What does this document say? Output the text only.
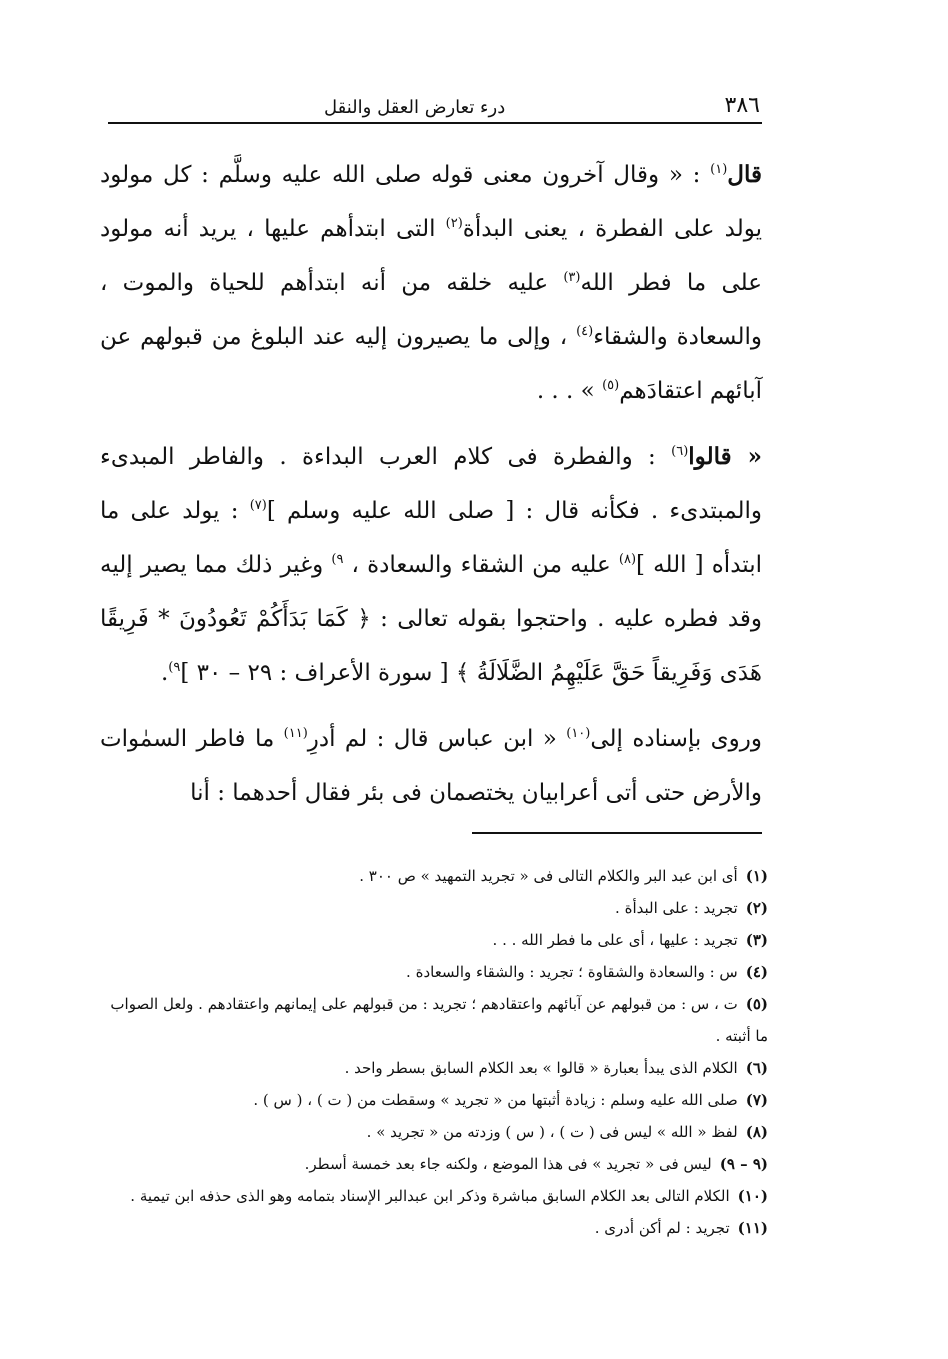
٣٨٦
درء تعارض العقل والنقل

قال$^{(١)}$ : « وقال آخرون معنى قوله صلى الله عليه وسلَّم : كل مولود يولد على الفطرة ، يعنى البدأة$^{(٢)}$ التى ابتدأهم عليها ، يريد أنه مولود على ما فطر الله$^{(٣)}$ عليه خلقه من أنه ابتدأهم للحياة والموت ، والسعادة والشقاء$^{(٤)}$ ، وإلى ما يصيرون إليه عند البلوغ من قبولهم عن آبائهم اعتقادَهم$^{(٥)}$ » . . .

« قالوا$^{(٦)}$ : والفطرة فى كلام العرب البداءة . والفاطر المبدىء والمبتدىء . فكأنه قال : [ صلى الله عليه وسلم ]$^{(٧)}$ : يولد على ما ابتدأه [ الله ]$^{(٨)}$ عليه من الشقاء والسعادة ، $^{٩)}$ وغير ذلك مما يصير إليه وقد فطره عليه . واحتجوا بقوله تعالى : ﴿ كَمَا بَدَأَكُمْ تَعُودُونَ * فَرِيقًا هَدَى وَفَرِيقاً حَقَّ عَلَيْهِمُ الضَّلَالَةُ ﴾ [ سورة الأعراف : ٢٩ – ٣٠ ]$^{٩)}$.

وروى بإسناده إلى$^{(١٠)}$ « ابن عباس قال : لم أدرِ$^{(١١)}$ ما فاطر السمٰوات والأرض حتى أتى أعرابيان يختصمان فى بئر فقال أحدهما : أنا

(١)أى ابن عبد البر والكلام التالى فى « تجريد التمهيد » ص ٣٠٠ .

(٢)تجريد : على البدأة .

(٣)تجريد : عليها ، أى على ما فطر الله . . .

(٤)س : والسعادة والشقاوة ؛ تجريد : والشقاء والسعادة .

(٥)ت ، س : من قبولهم عن آبائهم واعتقادهم ؛ تجريد : من قبولهم على إيمانهم واعتقادهم . ولعل الصواب ما أثبته .

(٦)الكلام الذى يبدأ بعبارة « قالوا » بعد الكلام السابق بسطر واحد .

(٧)صلى الله عليه وسلم : زيادة أثبتها من « تجريد » وسقطت من ( ت ) ، ( س ) .

(٨)لفظ « الله » ليس فى ( ت ) ، ( س ) وزدته من « تجريد » .

(٩ – ٩)ليس فى « تجريد » فى هذا الموضع ، ولكنه جاء بعد خمسة أسطر.

(١٠)الكلام التالى بعد الكلام السابق مباشرة وذكر ابن عبدالبر الإسناد بتمامه وهو الذى حذفه ابن تيمية .

(١١)تجريد : لم أكن أدرى .
